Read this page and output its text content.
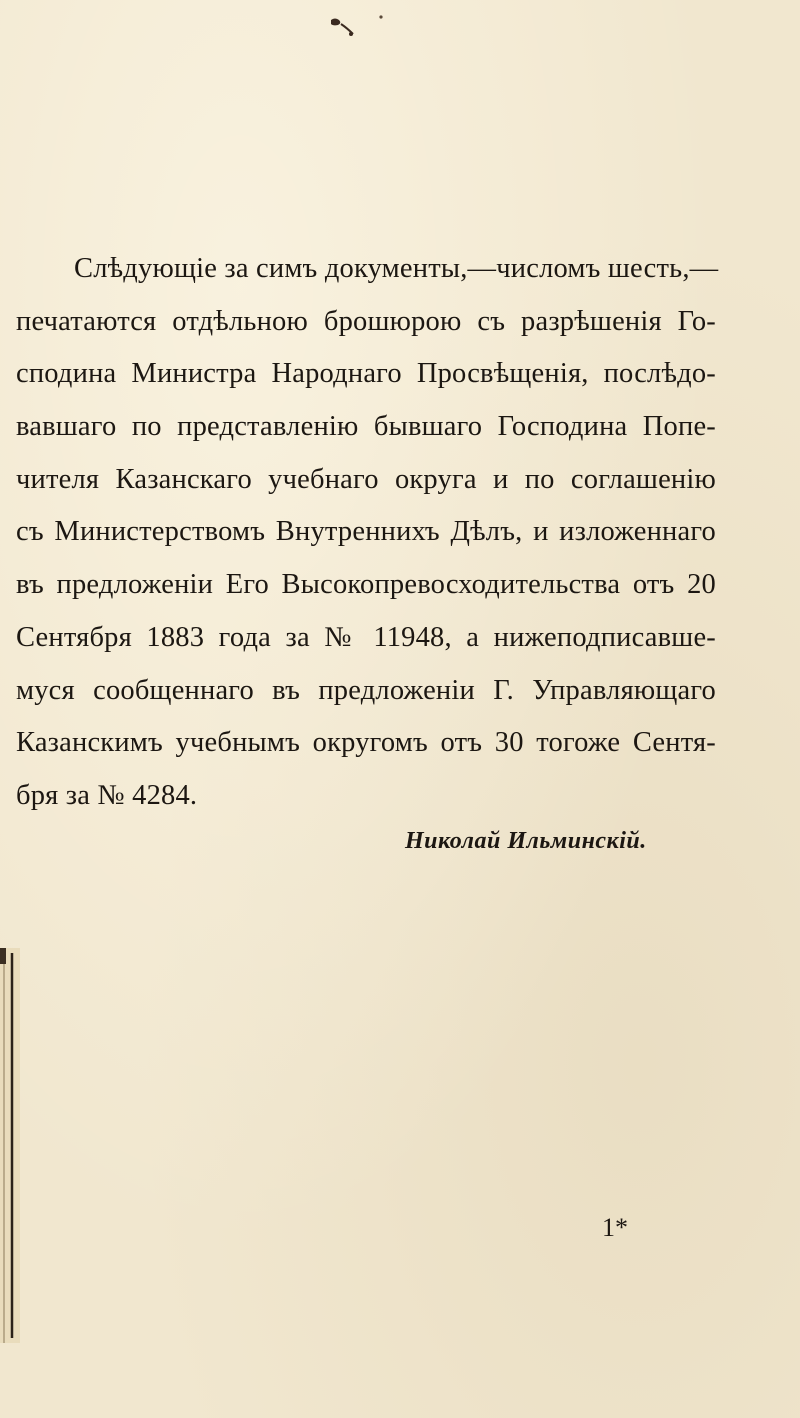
Слѣдующіе за симъ документы,—числомъ шесть,—
печатаются отдѣльною брошюрою съ разрѣшенія Го-
сподина Министра Народнаго Просвѣщенія, послѣдо-
вавшаго по представленію бывшаго Господина Попе-
чителя Казанскаго учебнаго округа и по соглашенію
съ Министерствомъ Внутреннихъ Дѣлъ, и изложеннаго
въ предложеніи Его Высокопревосходительства отъ 20
Сентября 1883 года за № 11948, а нижеподписавше-
муся сообщеннаго въ предложеніи Г. Управляющаго
Казанскимъ учебнымъ округомъ отъ 30 тогоже Сентя-
бря за № 4284.
Николай Ильминскій.
1*
